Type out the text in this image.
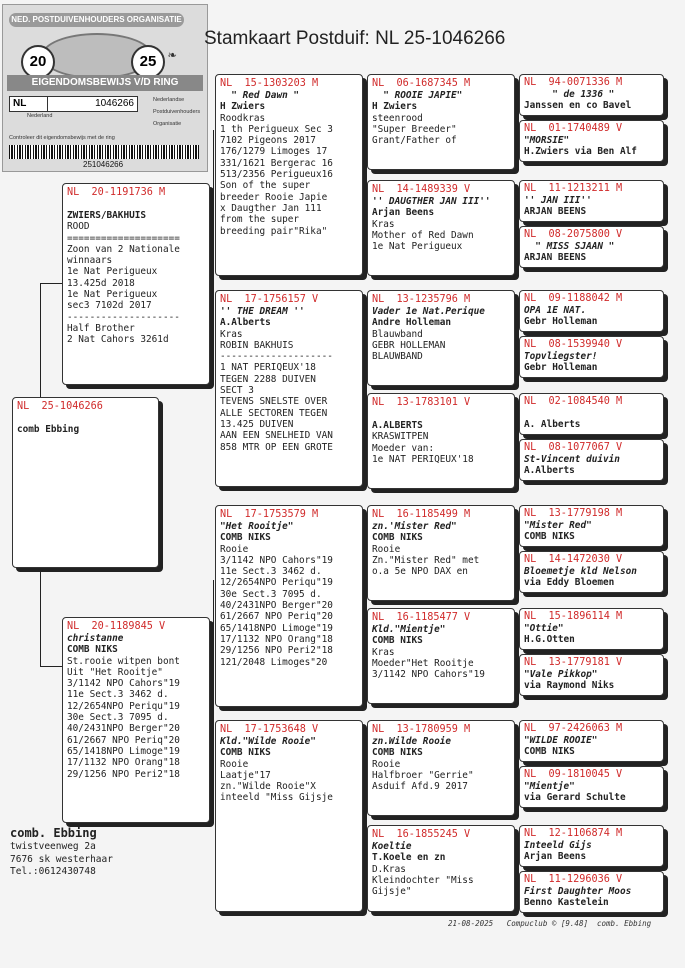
NED. POSTDUIVENHOUDERS ORGANISATIE
20	25 ❧
EIGENDOMSBEWIJS V/D RING
NL	1046266
Nederland
Nederlandse
Postduivenhouders
Organisatie
Controleer dit eigendomsbewijs met de ring
251046266
Stamkaart Postduif: NL 25-1046266
NL  25-1046266
comb Ebbing
NL  20-1191736 M
ZWIERS/BAKHUIS
ROOD
====================
Zoon van 2 Nationale
winnaars
1e Nat Perigueux
13.425d 2018
1e Nat Perigueux
sec3 7102d 2017
--------------------
Half Brother
2 Nat Cahors 3261d
NL  20-1189845 V
christanne
COMB NIKS
St.rooie witpen bont
Uit "Het Rooitje"
3/1142 NPO Cahors"19
11e Sect.3 3462 d.
12/2654NPO Periqu"19
30e Sect.3 7095 d.
40/2431NPO Berger"20
61/2667 NPO Periq"20
65/1418NPO Limoge"19
17/1132 NPO Orang"18
29/1256 NPO Peri2"18
NL  15-1303203 M
" Red Dawn "
H Zwiers
Roodkras
1 th Perigueux Sec 3
7102 Pigeons 2017
176/1279 Limoges 17
331/1621 Bergerac 16
513/2356 Perigueux16
Son of the super
breeder Rooie Japie
x Daugther Jan 111
from the super
breeding pair"Rika"
NL  17-1756157 V
'' THE DREAM ''
A.Alberts
Kras
ROBIN BAKHUIS
--------------------
1 NAT PERIQEUX'18
TEGEN 2288 DUIVEN
SECT 3
TEVENS SNELSTE OVER
ALLE SECTOREN TEGEN
13.425 DUIVEN
AAN EEN SNELHEID VAN
858 MTR OP EEN GROTE
NL  17-1753579 M
"Het Rooitje"
COMB NIKS
Rooie
3/1142 NPO Cahors"19
11e Sect.3 3462 d.
12/2654NPO Periqu"19
30e Sect.3 7095 d.
40/2431NPO Berger"20
61/2667 NPO Periq"20
65/1418NPO Limoge"19
17/1132 NPO Orang"18
29/1256 NPO Peri2"18
121/2048 Limoges"20
NL  17-1753648 V
Kld."Wilde Rooie"
COMB NIKS
Rooie
Laatje"17
zn."Wilde Rooie"X
inteeld "Miss Gijsje
NL  06-1687345 M
" ROOIE JAPIE"
H Zwiers
steenrood
"Super Breeder"
Grant/Father of
NL  14-1489339 V
'' DAUGTHER JAN III''
Arjan Beens
Kras
Mother of Red Dawn
1e Nat Perigueux
NL  13-1235796 M
Vader 1e Nat.Perique
Andre Holleman
Blauwband
GEBR HOLLEMAN
BLAUWBAND
NL  13-1783101 V
A.ALBERTS
KRASWITPEN
Moeder van:
1e NAT PERIQEUX'18
NL  16-1185499 M
zn.'Mister Red"
COMB NIKS
Rooie
Zn."Mister Red" met
o.a 5e NPO DAX en
NL  16-1185477 V
Kld."Mientje"
COMB NIKS
Kras
Moeder"Het Rooitje
3/1142 NPO Cahors"19
NL  13-1780959 M
zn.Wilde Rooie
COMB NIKS
Rooie
Halfbroer "Gerrie"
Asduif Afd.9 2017
NL  16-1855245 V
Koeltie
T.Koele en zn
D.Kras
Kleindochter "Miss
Gijsje"
NL  94-0071336 M
" de 1336 "
Janssen en co Bavel
NL  01-1740489 V
"MORSIE"
H.Zwiers via Ben Alf
NL  11-1213211 M
'' JAN III''
ARJAN BEENS
NL  08-2075800 V
" MISS SJAAN "
ARJAN BEENS
NL  09-1188042 M
OPA 1E NAT.
Gebr Holleman
NL  08-1539940 V
Topvliegster!
Gebr Holleman
NL  02-1084540 M
A. Alberts
NL  08-1077067 V
St-Vincent duivin
A.Alberts
NL  13-1779198 M
"Mister Red"
COMB NIKS
NL  14-1472030 V
Bloemetje kld Nelson
via Eddy Bloemen
NL  15-1896114 M
"Ottie"
H.G.Otten
NL  13-1779181 V
"Vale Pikkop"
via Raymond Niks
NL  97-2426063 M
"WILDE ROOIE"
COMB NIKS
NL  09-1810045 V
"Mientje"
via Gerard Schulte
NL  12-1106874 M
Inteeld Gijs
Arjan Beens
NL  11-1296036 V
First Daughter Moos
Benno Kastelein
comb. Ebbing
twistveenweg 2a
7676 sk westerhaar
Tel.:0612430748
21-08-2025   Compuclub © [9.48]  comb. Ebbing
